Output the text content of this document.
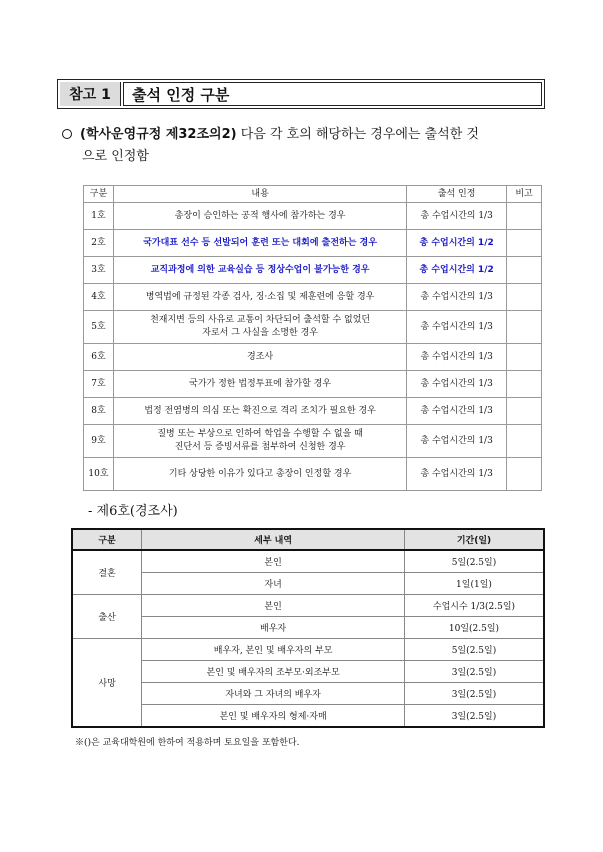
참고 1	출석 인정 구분
(학사운영규정 제32조의2) 다음 각 호의 해당하는 경우에는 출석한 것
으로 인정함
구분	내용	출석 인정	비고
1호	총장이 승인하는 공적 행사에 참가하는 경우	총 수업시간의 1/3	
2호	국가대표 선수 등 선발되어 훈련 또는 대회에 출전하는 경우	총 수업시간의 1/2	
3호	교직과정에 의한 교육실습 등 정상수업이 불가능한 경우	총 수업시간의 1/2	
4호	병역법에 규정된 각종 검사, 징·소집 및 제훈련에 응할 경우	총 수업시간의 1/3	
5호	천재지변 등의 사유로 교통이 차단되어 출석할 수 없었던
자로서 그 사실을 소명한 경우	총 수업시간의 1/3	
6호	경조사	총 수업시간의 1/3	
7호	국가가 정한 법정투표에 참가할 경우	총 수업시간의 1/3	
8호	법정 전염병의 의심 또는 확진으로 격리 조치가 필요한 경우	총 수업시간의 1/3	
9호	질병 또는 부상으로 인하여 학업을 수행할 수 없을 때
진단서 등 증빙서류를 첨부하여 신청한 경우	총 수업시간의 1/3	
10호	기타 상당한 이유가 있다고 총장이 인정할 경우	총 수업시간의 1/3	
- 제6호(경조사)
구분	세부 내역	기간(일)
결혼	본인	5일(2.5일)
	자녀	1일(1일)
출산	본인	수업시수 1/3(2.5일)
	배우자	10일(2.5일)
사망	배우자, 본인 및 배우자의 부모	5일(2.5일)
	본인 및 배우자의 조부모·외조부모	3일(2.5일)
	자녀와 그 자녀의 배우자	3일(2.5일)
	본인 및 배우자의 형제·자매	3일(2.5일)
※()은 교육대학원에 한하여 적용하며 토요일을 포함한다.
